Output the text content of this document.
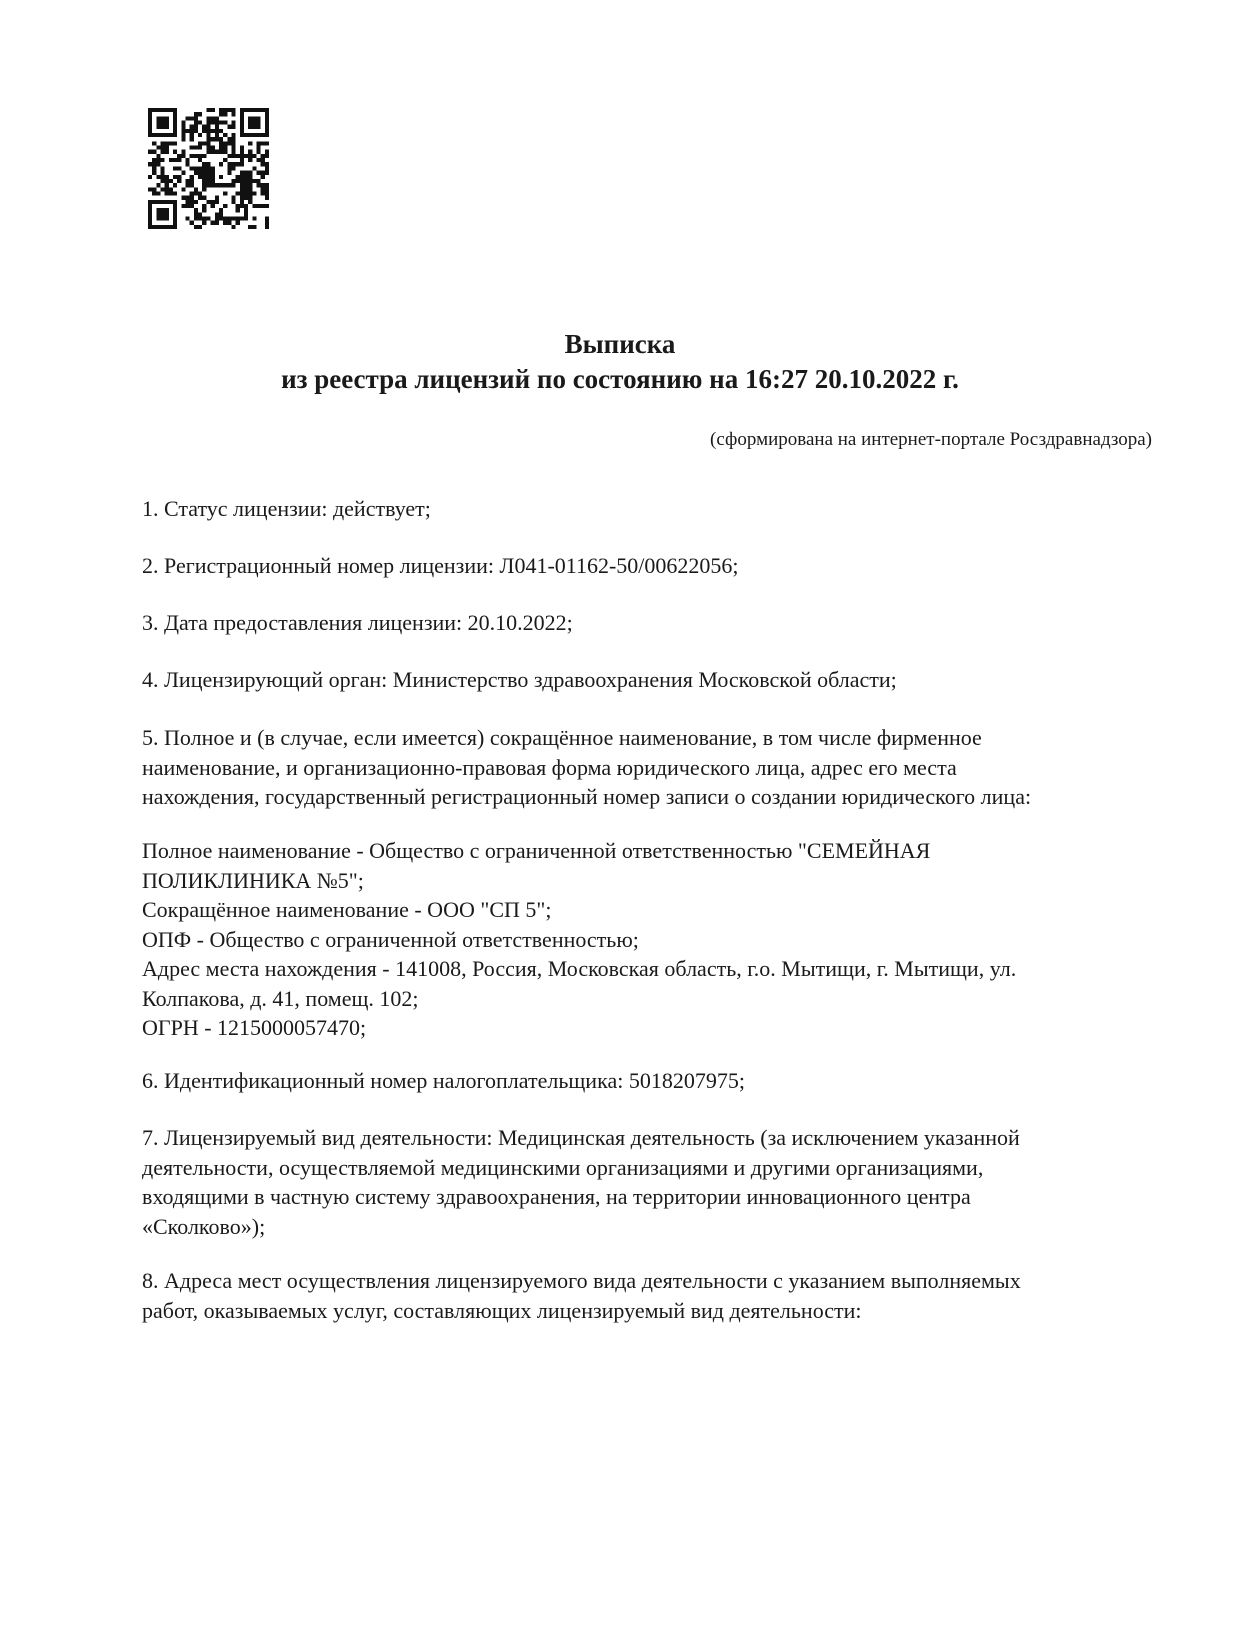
Выписка
из реестра лицензий по состоянию на 16:27 20.10.2022 г.
(сформирована на интернет-портале Росздравнадзора)
1. Статус лицензии: действует;
2. Регистрационный номер лицензии: Л041-01162-50/00622056;
3. Дата предоставления лицензии: 20.10.2022;
4. Лицензирующий орган: Министерство здравоохранения Московской области;
5. Полное и (в случае, если имеется) сокращённое наименование, в том числе фирменное
наименование, и организационно-правовая форма юридического лица, адрес его места
нахождения, государственный регистрационный номер записи о создании юридического лица:
Полное наименование - Общество с ограниченной ответственностью "СЕМЕЙНАЯ
ПОЛИКЛИНИКА №5";
Сокращённое наименование - ООО "СП 5";
ОПФ - Общество с ограниченной ответственностью;
Адрес места нахождения - 141008, Россия, Московская область, г.о. Мытищи, г. Мытищи, ул.
Колпакова, д. 41, помещ. 102;
ОГРН - 1215000057470;
6. Идентификационный номер налогоплательщика: 5018207975;
7. Лицензируемый вид деятельности: Медицинская деятельность (за исключением указанной
деятельности, осуществляемой медицинскими организациями и другими организациями,
входящими в частную систему здравоохранения, на территории инновационного центра
«Сколково»);
8. Адреса мест осуществления лицензируемого вида деятельности с указанием выполняемых
работ, оказываемых услуг, составляющих лицензируемый вид деятельности:
